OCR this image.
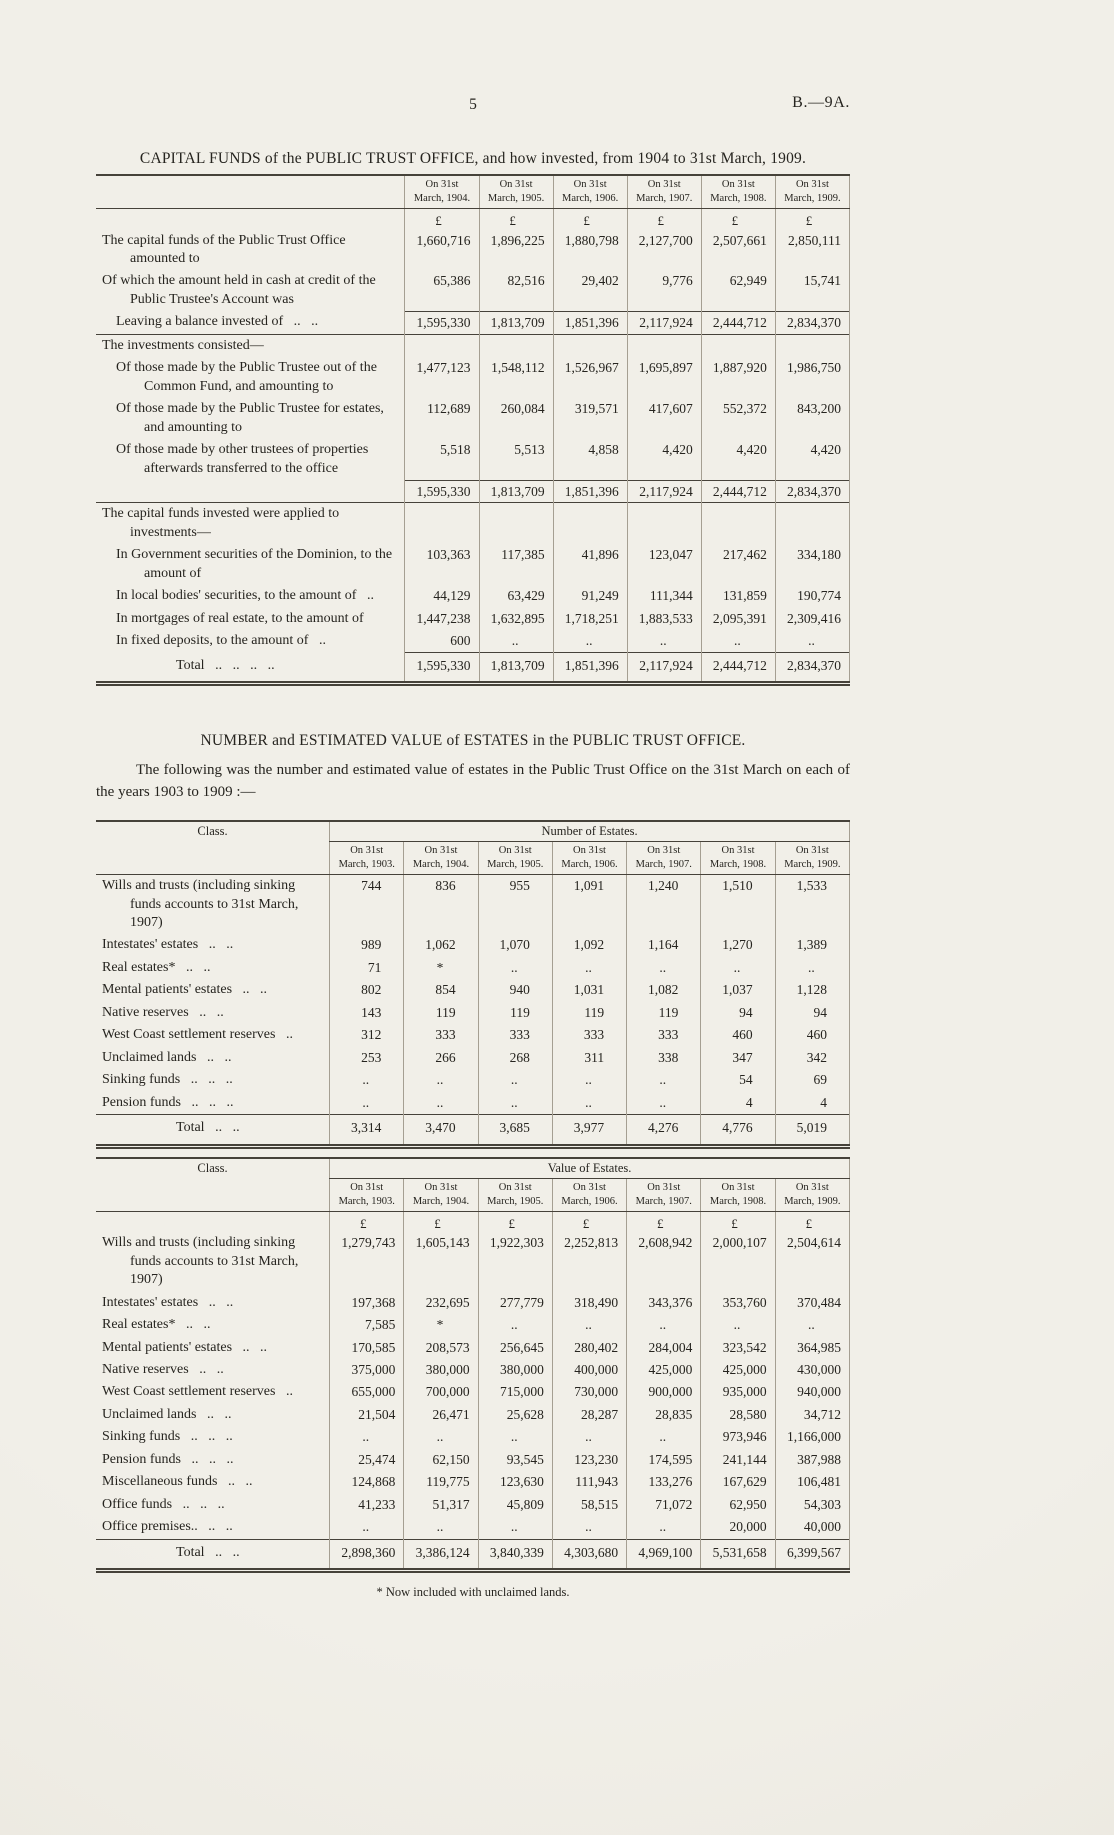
5	B.—9A.
CAPITAL FUNDS of the PUBLIC TRUST OFFICE, and how invested, from 1904 to 31st March, 1909.
	On 31st March, 1904.	On 31st March, 1905.	On 31st March, 1906.	On 31st March, 1907.	On 31st March, 1908.	On 31st March, 1909.
	£	£	£	£	£	£
The capital funds of the Public Trust Office amounted to	1,660,716	1,896,225	1,880,798	2,127,700	2,507,661	2,850,111
Of which the amount held in cash at credit of the Public Trustee's Account was	65,386	82,516	29,402	9,776	62,949	15,741
Leaving a balance invested of   ..   ..	1,595,330	1,813,709	1,851,396	2,117,924	2,444,712	2,834,370
The investments consisted—						
Of those made by the Public Trustee out of the Common Fund, and amounting to	1,477,123	1,548,112	1,526,967	1,695,897	1,887,920	1,986,750
Of those made by the Public Trustee for estates, and amounting to	112,689	260,084	319,571	417,607	552,372	843,200
Of those made by other trustees of properties afterwards transferred to the office	5,518	5,513	4,858	4,420	4,420	4,420
	1,595,330	1,813,709	1,851,396	2,117,924	2,444,712	2,834,370
The capital funds invested were applied to investments—						
In Government securities of the Dominion, to the amount of	103,363	117,385	41,896	123,047	217,462	334,180
In local bodies' securities, to the amount of   ..	44,129	63,429	91,249	111,344	131,859	190,774
In mortgages of real estate, to the amount of	1,447,238	1,632,895	1,718,251	1,883,533	2,095,391	2,309,416
In fixed deposits, to the amount of   ..	600	..	..	..	..	..
Total   ..   ..   ..   ..	1,595,330	1,813,709	1,851,396	2,117,924	2,444,712	2,834,370
NUMBER and ESTIMATED VALUE of ESTATES in the PUBLIC TRUST OFFICE.

The following was the number and estimated value of estates in the Public Trust Office on the 31st March on each of the years 1903 to 1909 :—

Class.	Number of Estates.						
	On 31st March, 1903.	On 31st March, 1904.	On 31st March, 1905.	On 31st March, 1906.	On 31st March, 1907.	On 31st March, 1908.	On 31st March, 1909.
Wills and trusts (including sinking funds accounts to 31st March, 1907)	744	836	955	1,091	1,240	1,510	1,533
Intestates' estates   ..   ..	989	1,062	1,070	1,092	1,164	1,270	1,389
Real estates*   ..   ..	71	*	..	..	..	..	..
Mental patients' estates   ..   ..	802	854	940	1,031	1,082	1,037	1,128
Native reserves   ..   ..	143	119	119	119	119	94	94
West Coast settlement reserves   ..	312	333	333	333	333	460	460
Unclaimed lands   ..   ..	253	266	268	311	338	347	342
Sinking funds   ..   ..   ..	..	..	..	..	..	54	69
Pension funds   ..   ..   ..	..	..	..	..	..	4	4
Total   ..   ..	3,314	3,470	3,685	3,977	4,276	4,776	5,019
Class.	Value of Estates.						
	On 31st March, 1903.	On 31st March, 1904.	On 31st March, 1905.	On 31st March, 1906.	On 31st March, 1907.	On 31st March, 1908.	On 31st March, 1909.
	£	£	£	£	£	£	£
Wills and trusts (including sinking funds accounts to 31st March, 1907)	1,279,743	1,605,143	1,922,303	2,252,813	2,608,942	2,000,107	2,504,614
Intestates' estates   ..   ..	197,368	232,695	277,779	318,490	343,376	353,760	370,484
Real estates*   ..   ..	7,585	*	..	..	..	..	..
Mental patients' estates   ..   ..	170,585	208,573	256,645	280,402	284,004	323,542	364,985
Native reserves   ..   ..	375,000	380,000	380,000	400,000	425,000	425,000	430,000
West Coast settlement reserves   ..	655,000	700,000	715,000	730,000	900,000	935,000	940,000
Unclaimed lands   ..   ..	21,504	26,471	25,628	28,287	28,835	28,580	34,712
Sinking funds   ..   ..   ..	..	..	..	..	..	973,946	1,166,000
Pension funds   ..   ..   ..	25,474	62,150	93,545	123,230	174,595	241,144	387,988
Miscellaneous funds   ..   ..	124,868	119,775	123,630	111,943	133,276	167,629	106,481
Office funds   ..   ..   ..	41,233	51,317	45,809	58,515	71,072	62,950	54,303
Office premises..   ..   ..	..	..	..	..	..	20,000	40,000
Total   ..   ..	2,898,360	3,386,124	3,840,339	4,303,680	4,969,100	5,531,658	6,399,567
* Now included with unclaimed lands.
